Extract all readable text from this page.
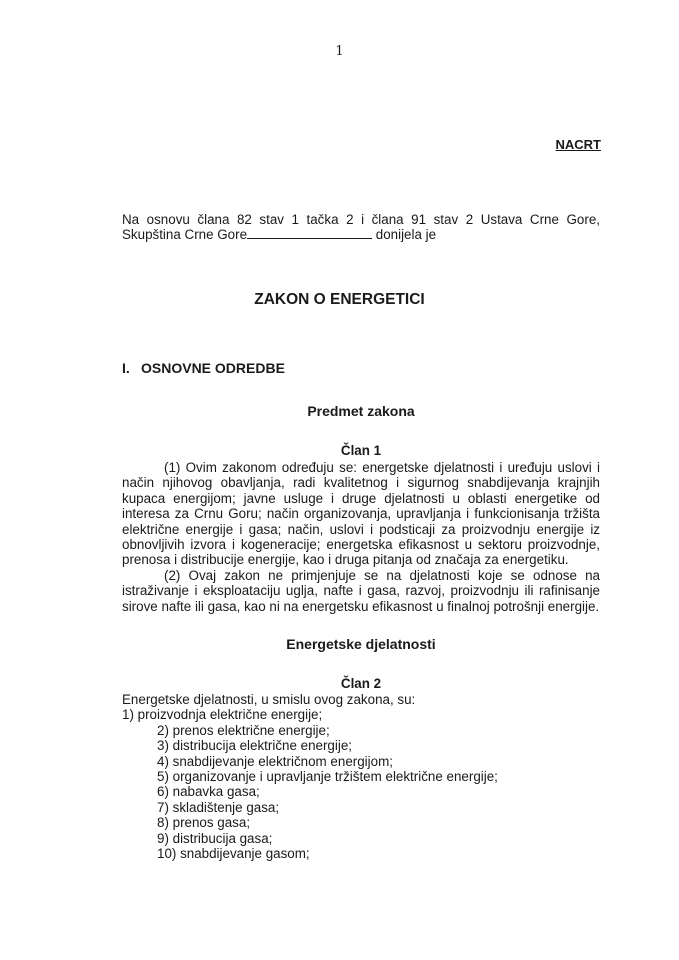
1
NACRT
Na osnovu člana 82 stav 1 tačka 2 i člana 91 stav 2 Ustava Crne Gore,
Skupština Crne Gore	donijela je
ZAKON O ENERGETICI
I. OSNOVNE ODREDBE
Predmet zakona
Član 1
(1) Ovim zakonom određuju se: energetske djelatnosti i uređuju uslovi i način njihovog obavljanja, radi kvalitetnog i sigurnog snabdijevanja krajnjih kupaca energijom; javne usluge i druge djelatnosti u oblasti energetike od interesa za Crnu Goru; način organizovanja, upravljanja i funkcionisanja tržišta električne energije i gasa; način, uslovi i podsticaji za proizvodnju energije iz obnovljivih izvora i kogeneracije; energetska efikasnost u sektoru proizvodnje, prenosa i distribucije energije, kao i druga pitanja od značaja za energetiku.
(2) Ovaj zakon ne primjenjuje se na djelatnosti koje se odnose na istraživanje i eksploataciju uglja, nafte i gasa, razvoj, proizvodnju ili rafinisanje sirove nafte ili gasa, kao ni na energetsku efikasnost u finalnoj potrošnji energije.
Energetske djelatnosti
Član 2
Energetske djelatnosti, u smislu ovog zakona, su:
1) proizvodnja električne energije;
2) prenos električne energije;
3) distribucija električne energije;
4) snabdijevanje električnom energijom;
5) organizovanje i upravljanje tržištem električne energije;
6) nabavka gasa;
7) skladištenje gasa;
8) prenos gasa;
9) distribucija gasa;
10) snabdijevanje gasom;
